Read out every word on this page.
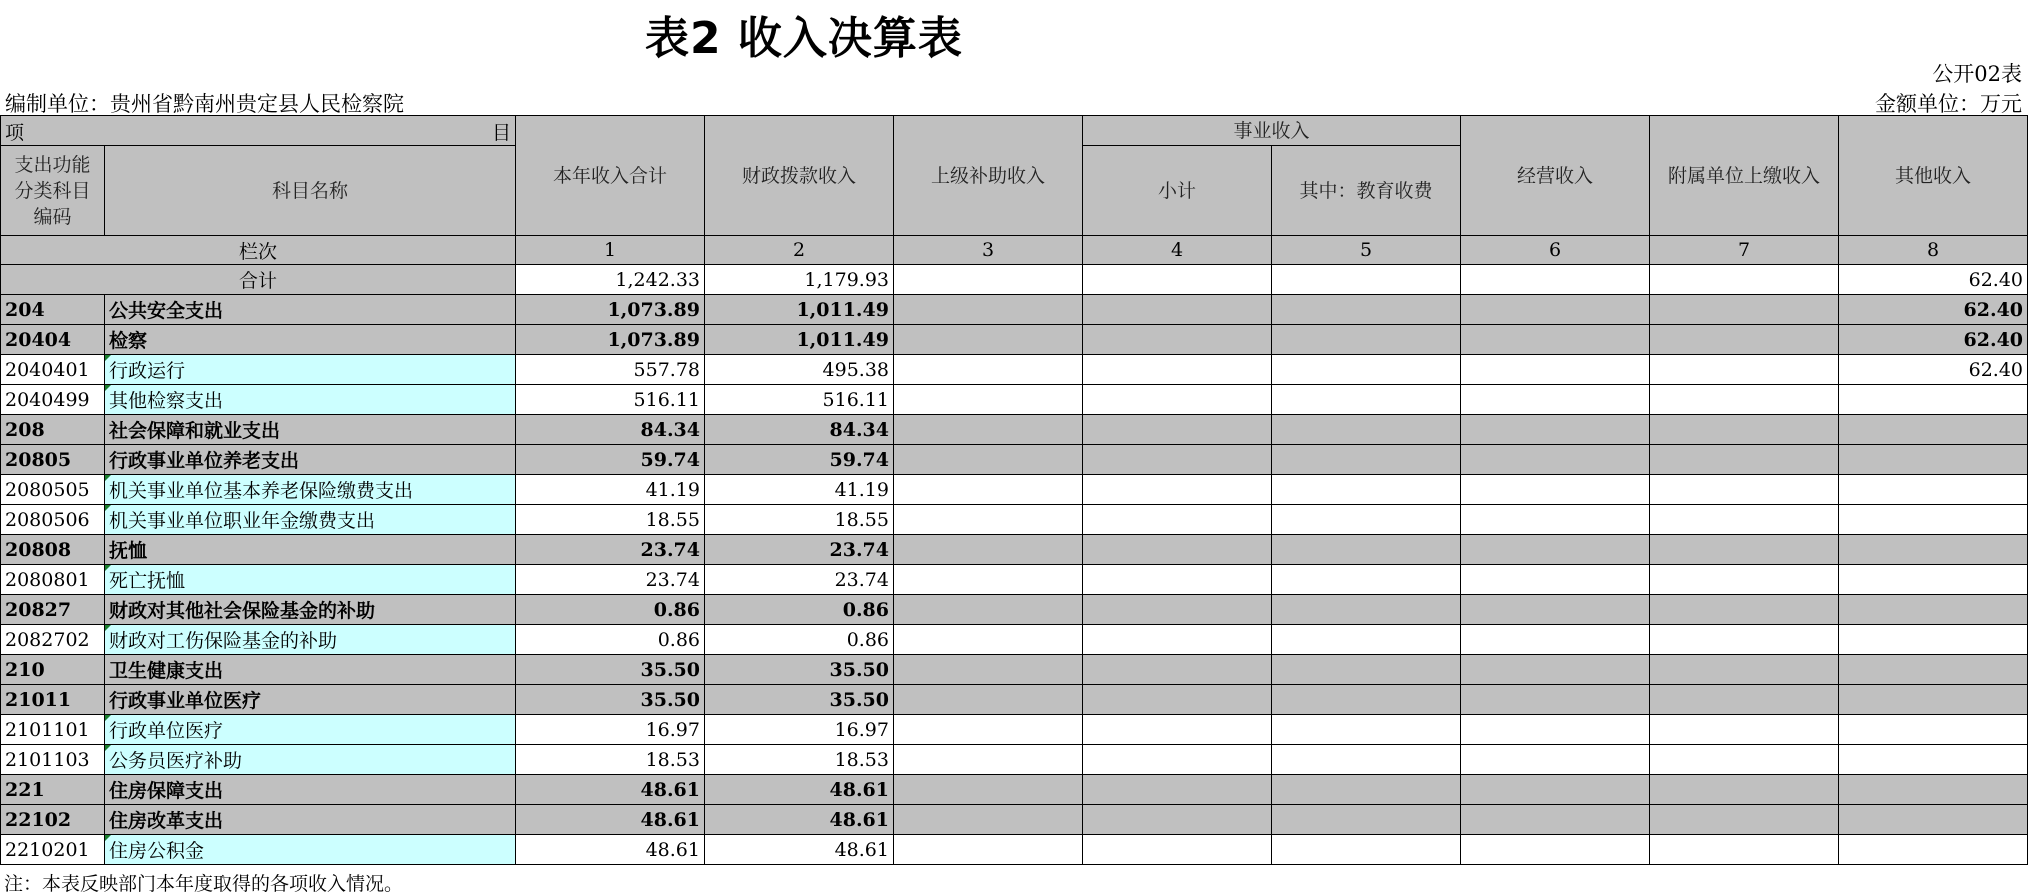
表2 收入决算表
公开02表
编制单位：贵州省黔南州贵定县人民检察院	金额单位：万元
项 目		本年收入合计	财政拨款收入	上级补助收入	事业收入		经营收入	附属单位上缴收入	其他收入

支出功能分类科目编码	科目名称				小计	其中：教育收费			
栏次		1	2	3	4	5	6	7	8
合计		1,242.33	1,179.93						62.40
204	公共安全支出	1,073.89	1,011.49						62.40
20404	检察	1,073.89	1,011.49						62.40
2040401	行政运行	557.78	495.38						62.40
2040499	其他检察支出	516.11	516.11						
208	社会保障和就业支出	84.34	84.34						
20805	行政事业单位养老支出	59.74	59.74						
2080505	机关事业单位基本养老保险缴费支出	41.19	41.19						
2080506	机关事业单位职业年金缴费支出	18.55	18.55						
20808	抚恤	23.74	23.74						
2080801	死亡抚恤	23.74	23.74						
20827	财政对其他社会保险基金的补助	0.86	0.86						
2082702	财政对工伤保险基金的补助	0.86	0.86						
210	卫生健康支出	35.50	35.50						
21011	行政事业单位医疗	35.50	35.50						
2101101	行政单位医疗	16.97	16.97						
2101103	公务员医疗补助	18.53	18.53						
221	住房保障支出	48.61	48.61						
22102	住房改革支出	48.61	48.61						
2210201	住房公积金	48.61	48.61						
注：本表反映部门本年度取得的各项收入情况。
